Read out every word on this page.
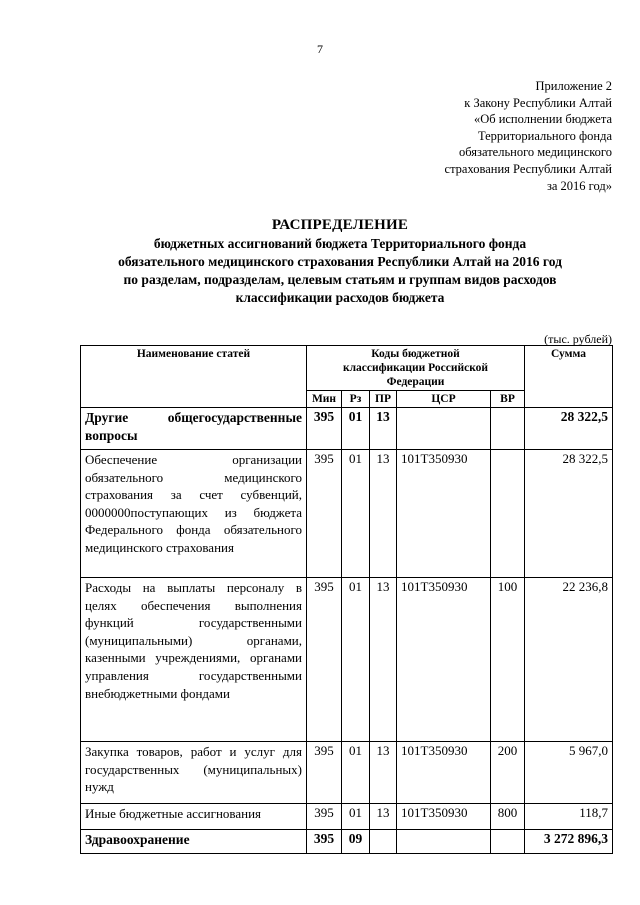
7
Приложение 2
к Закону Республики Алтай
«Об исполнении бюджета
Территориального фонда
обязательного медицинского
страхования Республики Алтай
за 2016 год»
РАСПРЕДЕЛЕНИЕ
бюджетных ассигнований бюджета Территориального фонда
обязательного медицинского страхования Республики Алтай на 2016 год
по разделам, подразделам, целевым статьям и группам видов расходов
классификации расходов бюджета
(тыс. рублей)
Наименование статей	Коды бюджетной классификации Российской Федерации					Сумма
	Мин	Рз	ПР	ЦСР	ВР	
Другие общегосударственные вопросы	395	01	13			28 322,5
Обеспечение организации обязательного медицинского страхования за счет субвенций, 0000000поступающих из бюджета Федерального фонда обязательного медицинского страхования	395	01	13	101Т350930		28 322,5
Расходы на выплаты персоналу в целях обеспечения выполнения функций государственными (муниципальными) органами, казенными учреждениями, органами управления государственными внебюджетными фондами	395	01	13	101Т350930	100	22 236,8
Закупка товаров, работ и услуг для государственных (муниципальных) нужд	395	01	13	101Т350930	200	5 967,0
Иные бюджетные ассигнования	395	01	13	101Т350930	800	118,7
Здравоохранение	395	09				3 272 896,3
